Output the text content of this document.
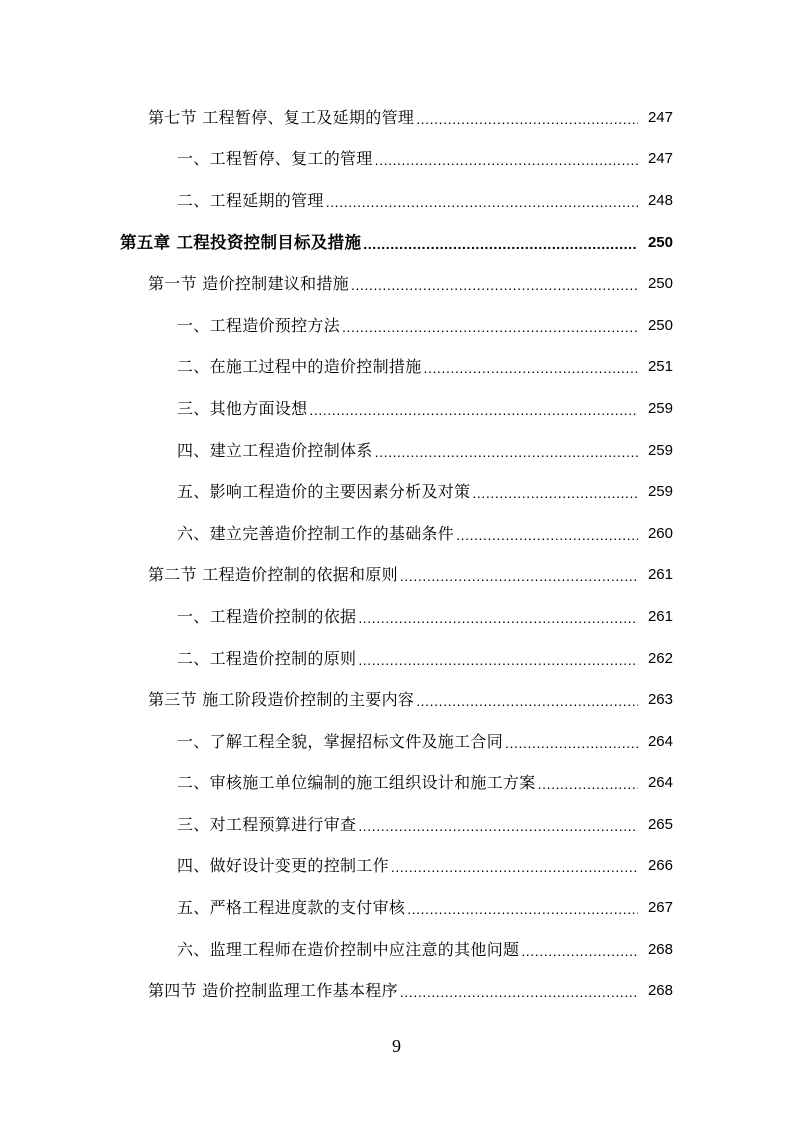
第七节 工程暂停、复工及延期的管理 .....	247
一、工程暂停、复工的管理 .....	247
二、工程延期的管理 .....	248
第五章 工程投资控制目标及措施 .....	250
第一节 造价控制建议和措施 .....	250
一、工程造价预控方法 .....	250
二、在施工过程中的造价控制措施 .....	251
三、其他方面设想 .....	259
四、建立工程造价控制体系 .....	259
五、影响工程造价的主要因素分析及对策 .....	259
六、建立完善造价控制工作的基础条件 .....	260
第二节 工程造价控制的依据和原则 .....	261
一、工程造价控制的依据 .....	261
二、工程造价控制的原则 .....	262
第三节 施工阶段造价控制的主要内容 .....	263
一、了解工程全貌，掌握招标文件及施工合同 .....	264
二、审核施工单位编制的施工组织设计和施工方案 .....	264
三、对工程预算进行审查 .....	265
四、做好设计变更的控制工作 .....	266
五、严格工程进度款的支付审核 .....	267
六、监理工程师在造价控制中应注意的其他问题 .....	268
第四节 造价控制监理工作基本程序 .....	268
9
